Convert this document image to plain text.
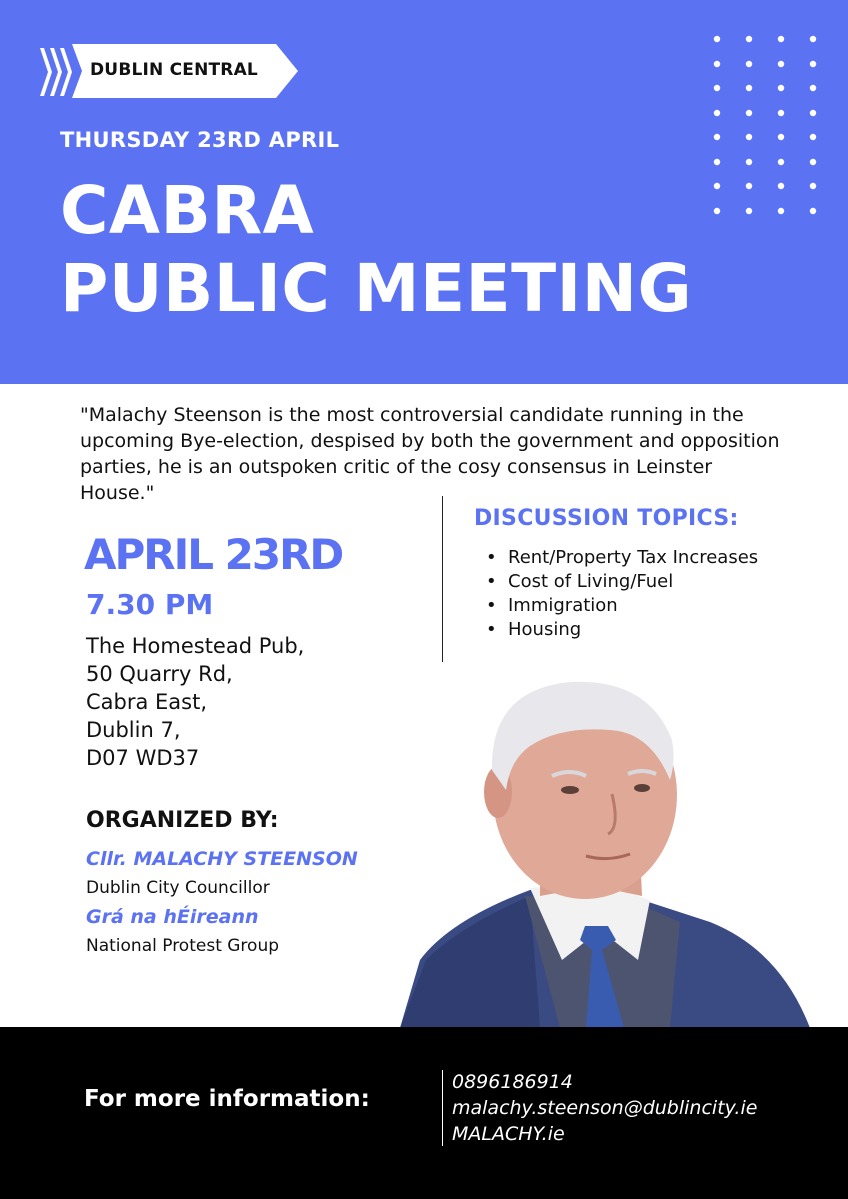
DUBLIN CENTRAL
THURSDAY 23RD APRIL
CABRA
PUBLIC MEETING

"Malachy Steenson is the most controversial candidate running in the upcoming Bye-election, despised by both the government and opposition parties, he is an outspoken critic of the cosy consensus in Leinster House."

APRIL 23RD
7.30 PM
The Homestead Pub,
50 Quarry Rd,
Cabra East,
Dublin 7,
D07 WD37
DISCUSSION TOPICS:
• Rent/Property Tax Increases
• Cost of Living/Fuel
• Immigration
• Housing
ORGANIZED BY:
Cllr. MALACHY STEENSON
Dublin City Councillor
Grá na hÉireann
National Protest Group
For more information:
0896186914
malachy.steenson@dublincity.ie
MALACHY.ie
